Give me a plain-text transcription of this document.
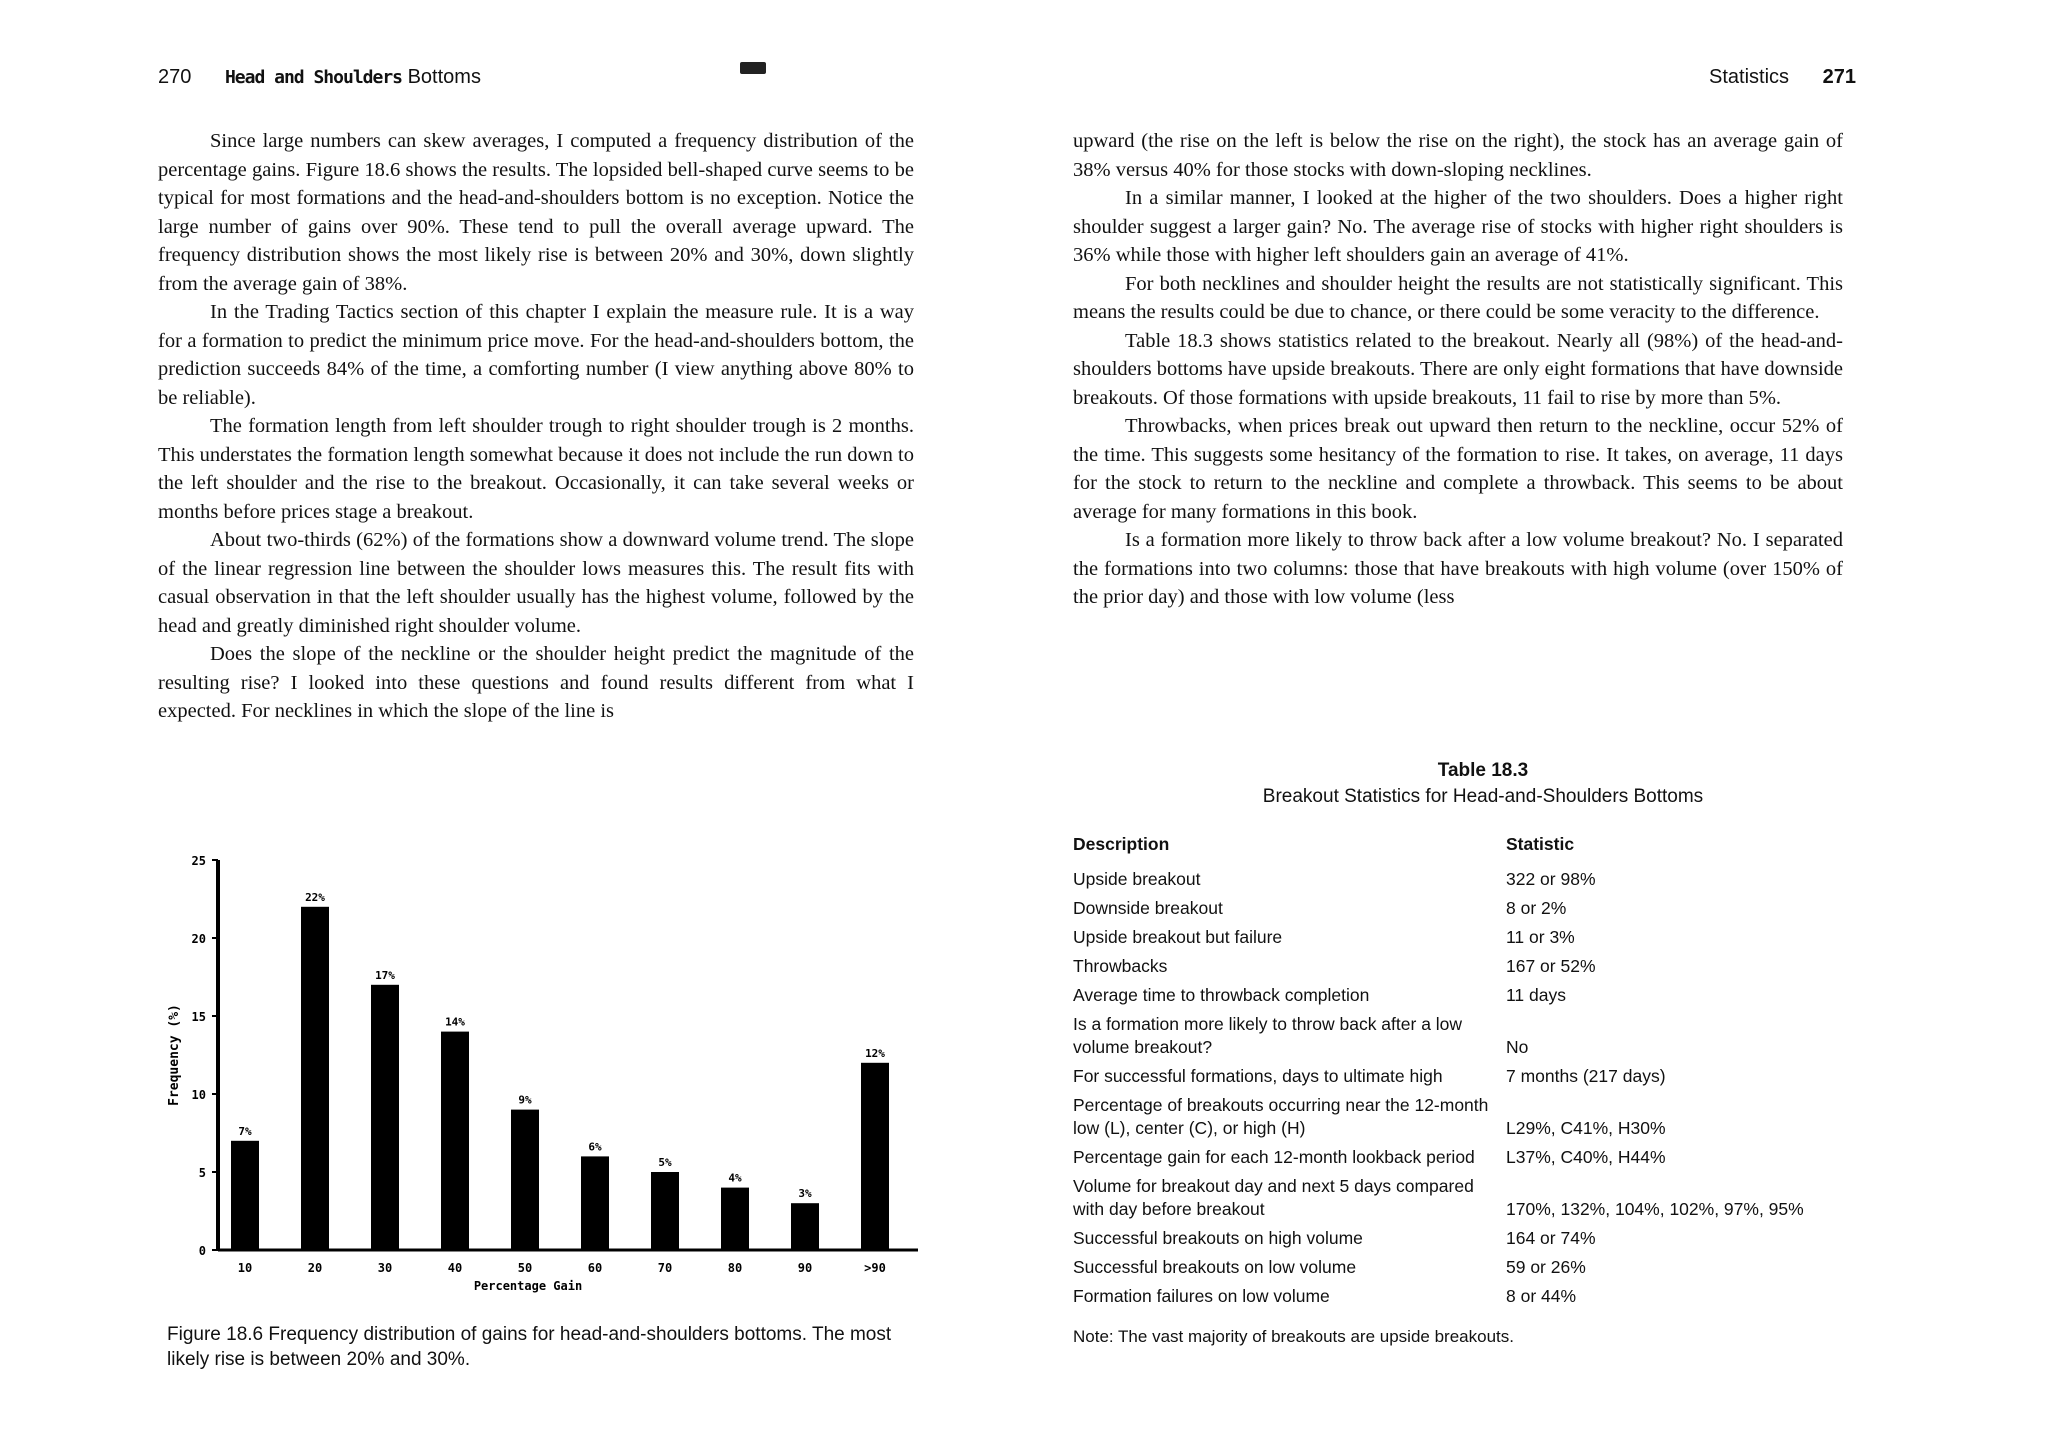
270 Head and Shoulders Bottoms

Since large numbers can skew averages, I computed a frequency distribution of the percentage gains. Figure 18.6 shows the results. The lopsided bell-shaped curve seems to be typical for most formations and the head-and-shoulders bottom is no exception. Notice the large number of gains over 90%. These tend to pull the overall average upward. The frequency distribution shows the most likely rise is between 20% and 30%, down slightly from the average gain of 38%.

In the Trading Tactics section of this chapter I explain the measure rule. It is a way for a formation to predict the minimum price move. For the head-and-shoulders bottom, the prediction succeeds 84% of the time, a comforting number (I view anything above 80% to be reliable).

The formation length from left shoulder trough to right shoulder trough is 2 months. This understates the formation length somewhat because it does not include the run down to the left shoulder and the rise to the breakout. Occasionally, it can take several weeks or months before prices stage a breakout.

About two-thirds (62%) of the formations show a downward volume trend. The slope of the linear regression line between the shoulder lows measures this. The result fits with casual observation in that the left shoulder usually has the highest volume, followed by the head and greatly diminished right shoulder volume.

Does the slope of the neckline or the shoulder height predict the magnitude of the resulting rise? I looked into these questions and found results different from what I expected. For necklines in which the slope of the line is

0
5
10
15
20
25
Frequency (%)
7%
10
22%
20
17%
30
14%
40
9%
50
6%
60
5%
70
4%
80
3%
90
12%
>90
Percentage Gain
Figure 18.6 Frequency distribution of gains for head-and-shoulders bottoms. The most likely rise is between 20% and 30%.
Statistics 271

upward (the rise on the left is below the rise on the right), the stock has an average gain of 38% versus 40% for those stocks with down-sloping necklines.

In a similar manner, I looked at the higher of the two shoulders. Does a higher right shoulder suggest a larger gain? No. The average rise of stocks with higher right shoulders is 36% while those with higher left shoulders gain an average of 41%.

For both necklines and shoulder height the results are not statistically significant. This means the results could be due to chance, or there could be some veracity to the difference.

Table 18.3 shows statistics related to the breakout. Nearly all (98%) of the head-and-shoulders bottoms have upside breakouts. There are only eight formations that have downside breakouts. Of those formations with upside breakouts, 11 fail to rise by more than 5%.

Throwbacks, when prices break out upward then return to the neckline, occur 52% of the time. This suggests some hesitancy of the formation to rise. It takes, on average, 11 days for the stock to return to the neckline and complete a throwback. This seems to be about average for many formations in this book.

Is a formation more likely to throw back after a low volume breakout? No. I separated the formations into two columns: those that have breakouts with high volume (over 150% of the prior day) and those with low volume (less

Table 18.3
Breakout Statistics for Head-and-Shoulders Bottoms
Description	Statistic
Upside breakout	322 or 98%
Downside breakout	8 or 2%
Upside breakout but failure	11 or 3%
Throwbacks	167 or 52%
Average time to throwback completion	11 days
Is a formation more likely to throw back after a low volume breakout?	No
For successful formations, days to ultimate high	7 months (217 days)
Percentage of breakouts occurring near the 12-month low (L), center (C), or high (H)	L29%, C41%, H30%
Percentage gain for each 12-month lookback period	L37%, C40%, H44%
Volume for breakout day and next 5 days compared with day before breakout	170%, 132%, 104%, 102%, 97%, 95%
Successful breakouts on high volume	164 or 74%
Successful breakouts on low volume	59 or 26%
Formation failures on low volume	8 or 44%
Note: The vast majority of breakouts are upside breakouts.
